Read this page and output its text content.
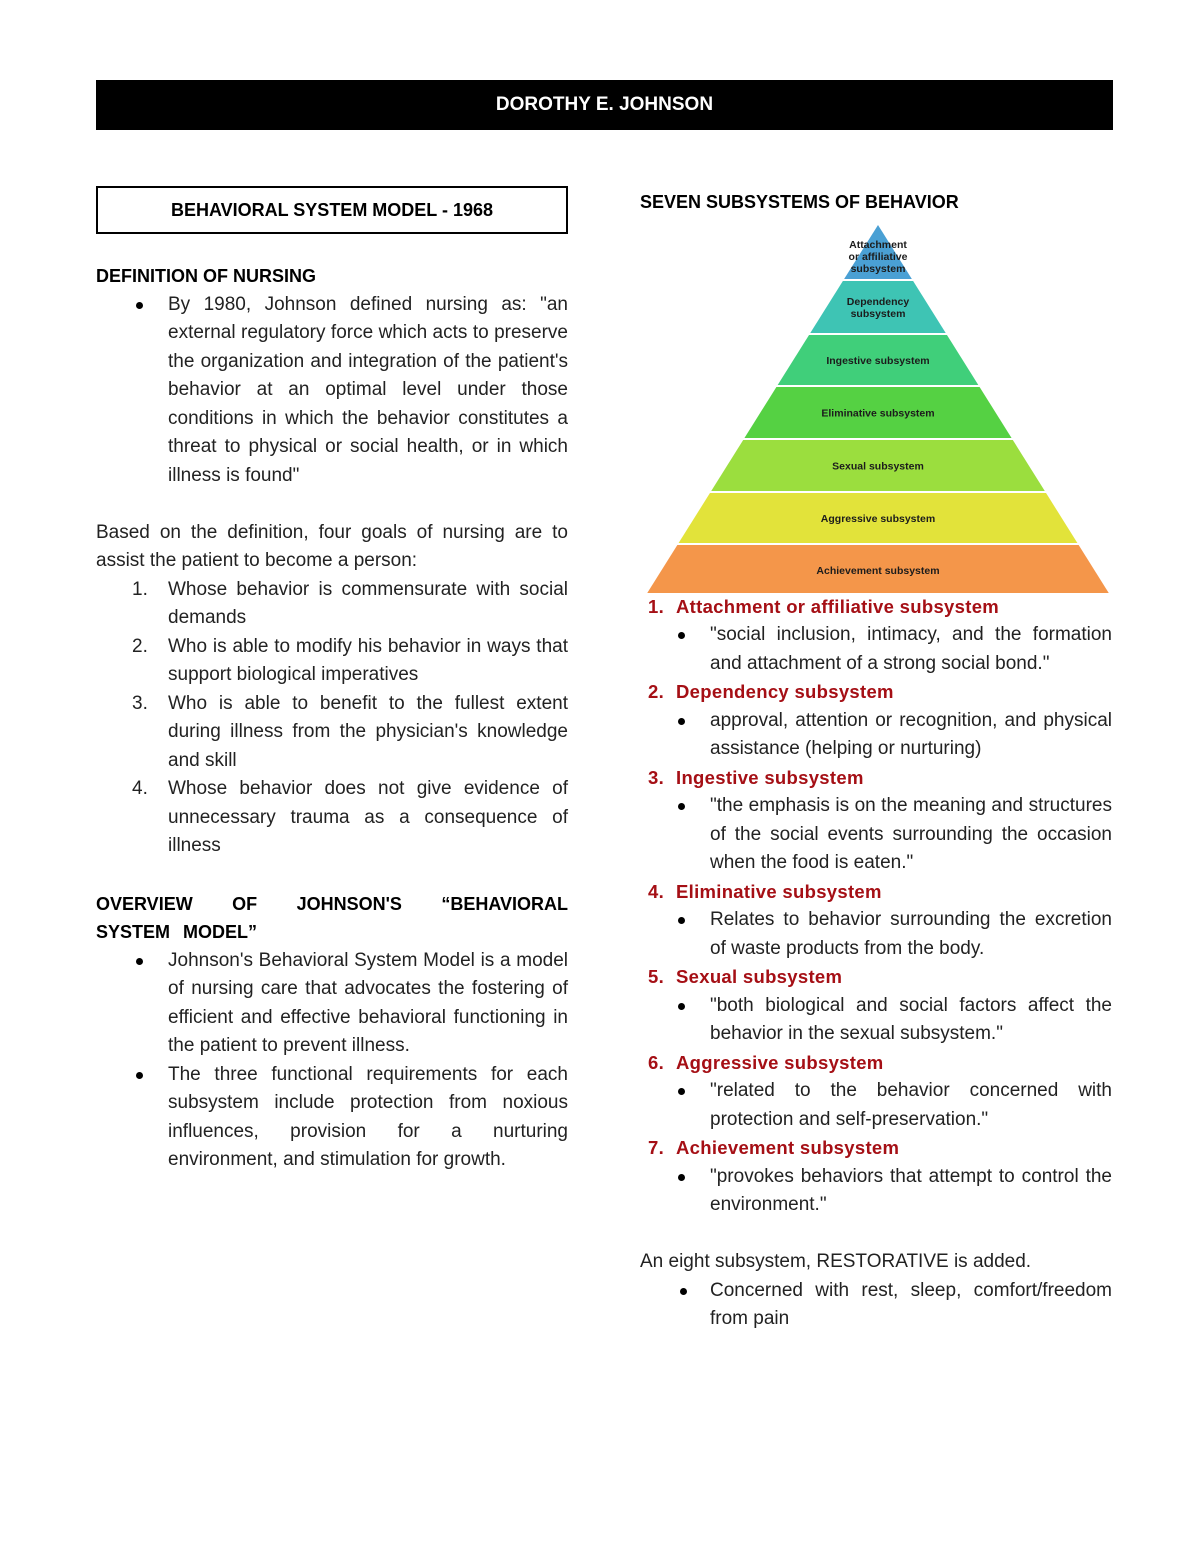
DOROTHY E. JOHNSON
BEHAVIORAL SYSTEM MODEL - 1968
DEFINITION OF NURSING
By 1980, Johnson defined nursing as: "an external regulatory force which acts to preserve the organization and integration of the patient's behavior at an optimal level under those conditions in which the behavior constitutes a threat to physical or social health, or in which illness is found"
Based on the definition, four goals of nursing are to assist the patient to become a person:
1. Whose behavior is commensurate with social demands
2. Who is able to modify his behavior in ways that support biological imperatives
3. Who is able to benefit to the fullest extent during illness from the physician's knowledge and skill
4. Whose behavior does not give evidence of unnecessary trauma as a consequence of illness
OVERVIEW OF JOHNSON'S “BEHAVIORAL SYSTEM MODEL”
Johnson's Behavioral System Model is a model of nursing care that advocates the fostering of efficient and effective behavioral functioning in the patient to prevent illness.
The three functional requirements for each subsystem include protection from noxious influences, provision for a nurturing environment, and stimulation for growth.
SEVEN SUBSYSTEMS OF BEHAVIOR
Attachment
or affiliative
subsystem
Dependency
subsystem
Ingestive subsystem
Eliminative subsystem
Sexual subsystem
Aggressive subsystem
Achievement subsystem
1. Attachment or affiliative subsystem
"social inclusion, intimacy, and the formation and attachment of a strong social bond."
2. Dependency subsystem
approval, attention or recognition, and physical assistance (helping or nurturing)
3. Ingestive subsystem
"the emphasis is on the meaning and structures of the social events surrounding the occasion when the food is eaten."
4. Eliminative subsystem
Relates to behavior surrounding the excretion of waste products from the body.
5. Sexual subsystem
"both biological and social factors affect the behavior in the sexual subsystem."
6. Aggressive subsystem
"related to the behavior concerned with protection and self-preservation."
7. Achievement subsystem
"provokes behaviors that attempt to control the environment."
An eight subsystem, RESTORATIVE is added.
Concerned with rest, sleep, comfort/freedom from pain
